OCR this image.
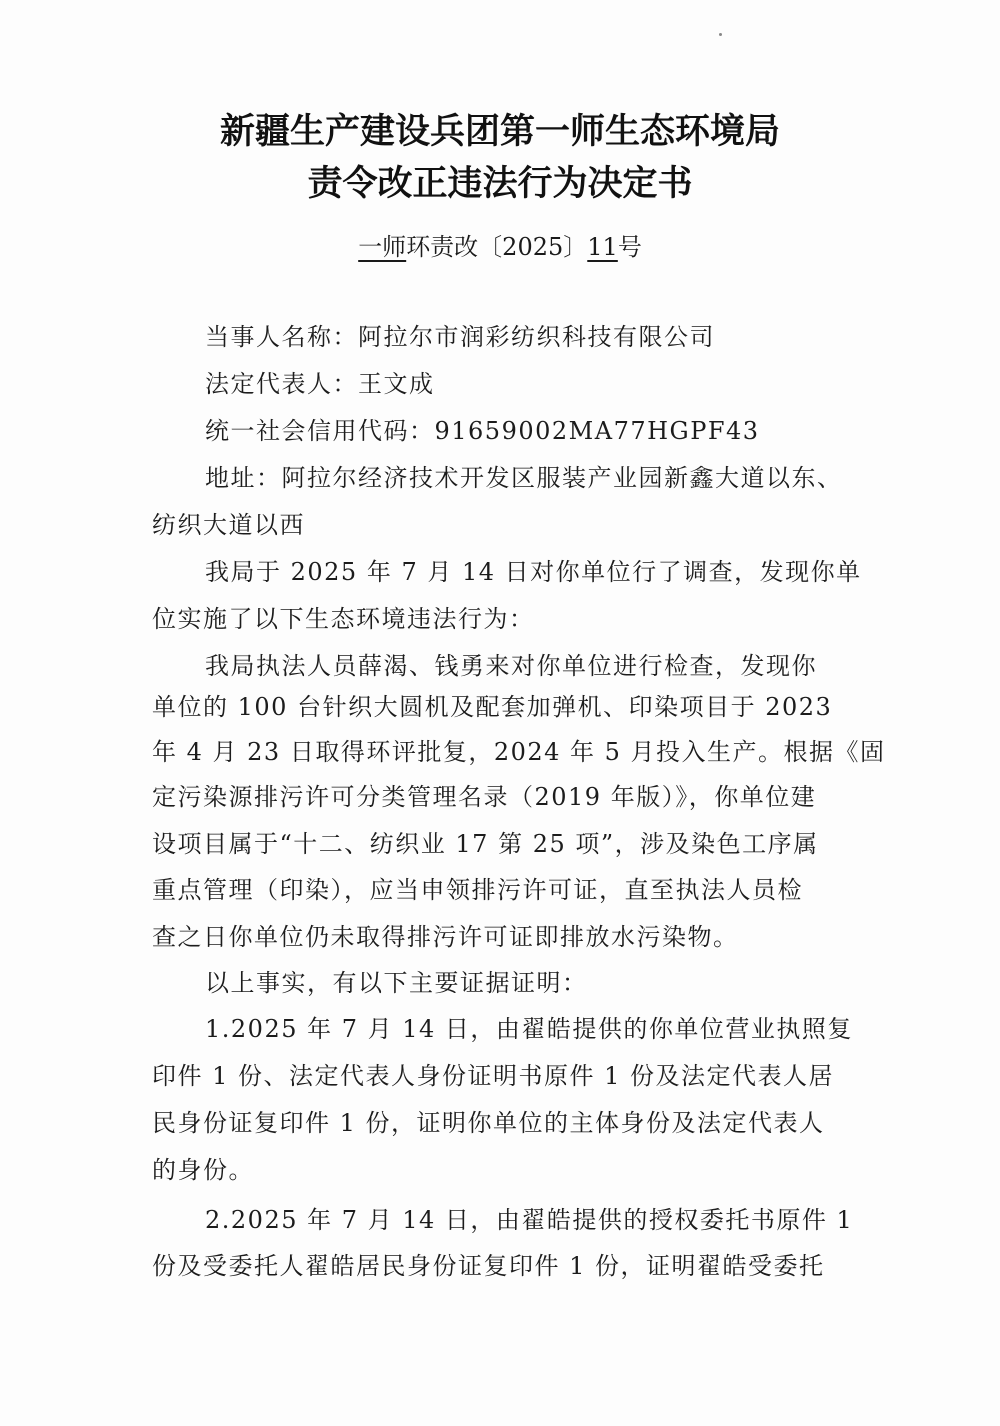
新疆生产建设兵团第一师生态环境局
责令改正违法行为决定书
一师环责改〔2025〕11号
当事人名称：阿拉尔市润彩纺织科技有限公司
法定代表人：王文成
统一社会信用代码：91659002MA77HGPF43
地址：阿拉尔经济技术开发区服装产业园新鑫大道以东、
纺织大道以西
我局于 2025 年 7 月 14 日对你单位行了调查，发现你单
位实施了以下生态环境违法行为：
我局执法人员薛渴、钱勇来对你单位进行检查，发现你
单位的 100 台针织大圆机及配套加弹机、印染项目于 2023
年 4 月 23 日取得环评批复，2024 年 5 月投入生产。根据《固
定污染源排污许可分类管理名录（2019 年版）》，你单位建
设项目属于“十二、纺织业 17 第 25 项”，涉及染色工序属
重点管理（印染），应当申领排污许可证，直至执法人员检
查之日你单位仍未取得排污许可证即排放水污染物。
以上事实，有以下主要证据证明：
1.2025 年 7 月 14 日，由翟皓提供的你单位营业执照复
印件 1 份、法定代表人身份证明书原件 1 份及法定代表人居
民身份证复印件 1 份，证明你单位的主体身份及法定代表人
的身份。
2.2025 年 7 月 14 日，由翟皓提供的授权委托书原件 1
份及受委托人翟皓居民身份证复印件 1 份，证明翟皓受委托
